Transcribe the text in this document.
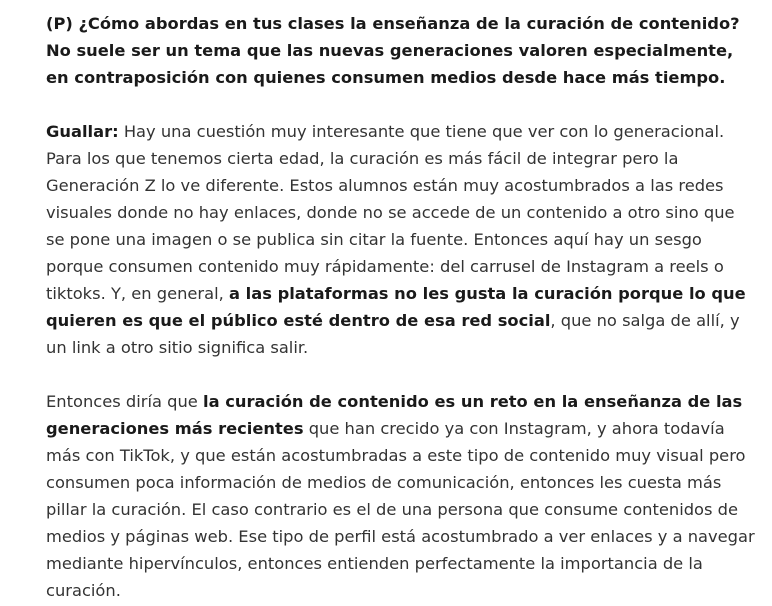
(P) ¿Cómo abordas en tus clases la enseñanza de la curación de contenido? No suele ser un tema que las nuevas generaciones valoren especialmente, en contraposición con quienes consumen medios desde hace más tiempo.

Guallar: Hay una cuestión muy interesante que tiene que ver con lo generacional. Para los que tenemos cierta edad, la curación es más fácil de integrar pero la Generación Z lo ve diferente. Estos alumnos están muy acostumbrados a las redes visuales donde no hay enlaces, donde no se accede de un contenido a otro sino que se pone una imagen o se publica sin citar la fuente. Entonces aquí hay un sesgo porque consumen contenido muy rápidamente: del carrusel de Instagram a reels o tiktoks. Y, en general, a las plataformas no les gusta la curación porque lo que quieren es que el público esté dentro de esa red social, que no salga de allí, y un link a otro sitio significa salir.

Entonces diría que la curación de contenido es un reto en la enseñanza de las generaciones más recientes que han crecido ya con Instagram, y ahora todavía más con TikTok, y que están acostumbradas a este tipo de contenido muy visual pero consumen poca información de medios de comunicación, entonces les cuesta más pillar la curación. El caso contrario es el de una persona que consume contenidos de medios y páginas web. Ese tipo de perfil está acostumbrado a ver enlaces y a navegar mediante hipervínculos, entonces entienden perfectamente la importancia de la curación.
